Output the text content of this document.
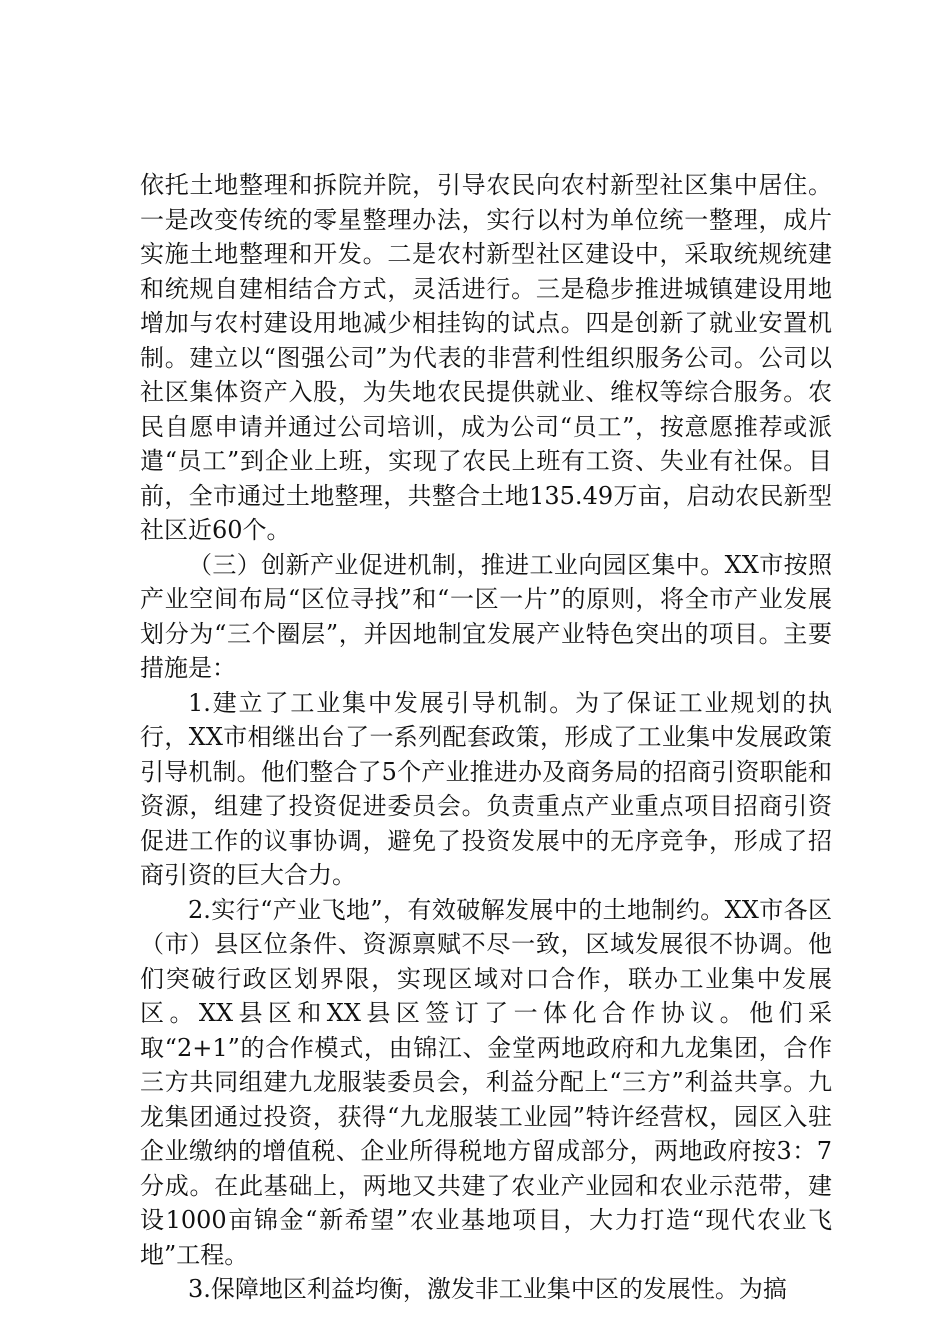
依托土地整理和拆院并院，引导农民向农村新型社区集中居住。一是改变传统的零星整理办法，实行以村为单位统一整理，成片实施土地整理和开发。二是农村新型社区建设中，采取统规统建和统规自建相结合方式，灵活进行。三是稳步推进城镇建设用地增加与农村建设用地减少相挂钩的试点。四是创新了就业安置机制。建立以“图强公司”为代表的非营利性组织服务公司。公司以社区集体资产入股，为失地农民提供就业、维权等综合服务。农民自愿申请并通过公司培训，成为公司“员工”，按意愿推荐或派遣“员工”到企业上班，实现了农民上班有工资、失业有社保。目前，全市通过土地整理，共整合土地135.49万亩，启动农民新型社区近60个。

（三）创新产业促进机制，推进工业向园区集中。XX市按照产业空间布局“区位寻找”和“一区一片”的原则，将全市产业发展划分为“三个圈层”，并因地制宜发展产业特色突出的项目。主要措施是：

1.建立了工业集中发展引导机制。为了保证工业规划的执行，XX市相继出台了一系列配套政策，形成了工业集中发展政策引导机制。他们整合了5个产业推进办及商务局的招商引资职能和资源，组建了投资促进委员会。负责重点产业重点项目招商引资促进工作的议事协调，避免了投资发展中的无序竞争，形成了招商引资的巨大合力。

2.实行“产业飞地”，有效破解发展中的土地制约。XX市各区（市）县区位条件、资源禀赋不尽一致，区域发展很不协调。他们突破行政区划界限，实现区域对口合作，联办工业集中发展区。XX县区和XX县区签订了一体化合作协议。他们采取“2+1”的合作模式，由锦江、金堂两地政府和九龙集团，合作三方共同组建九龙服装委员会，利益分配上“三方”利益共享。九龙集团通过投资，获得“九龙服装工业园”特许经营权，园区入驻企业缴纳的增值税、企业所得税地方留成部分，两地政府按3：7分成。在此基础上，两地又共建了农业产业园和农业示范带，建设1000亩锦金“新希望”农业基地项目，大力打造“现代农业飞地”工程。

3.保障地区利益均衡，激发非工业集中区的发展性。为搞
